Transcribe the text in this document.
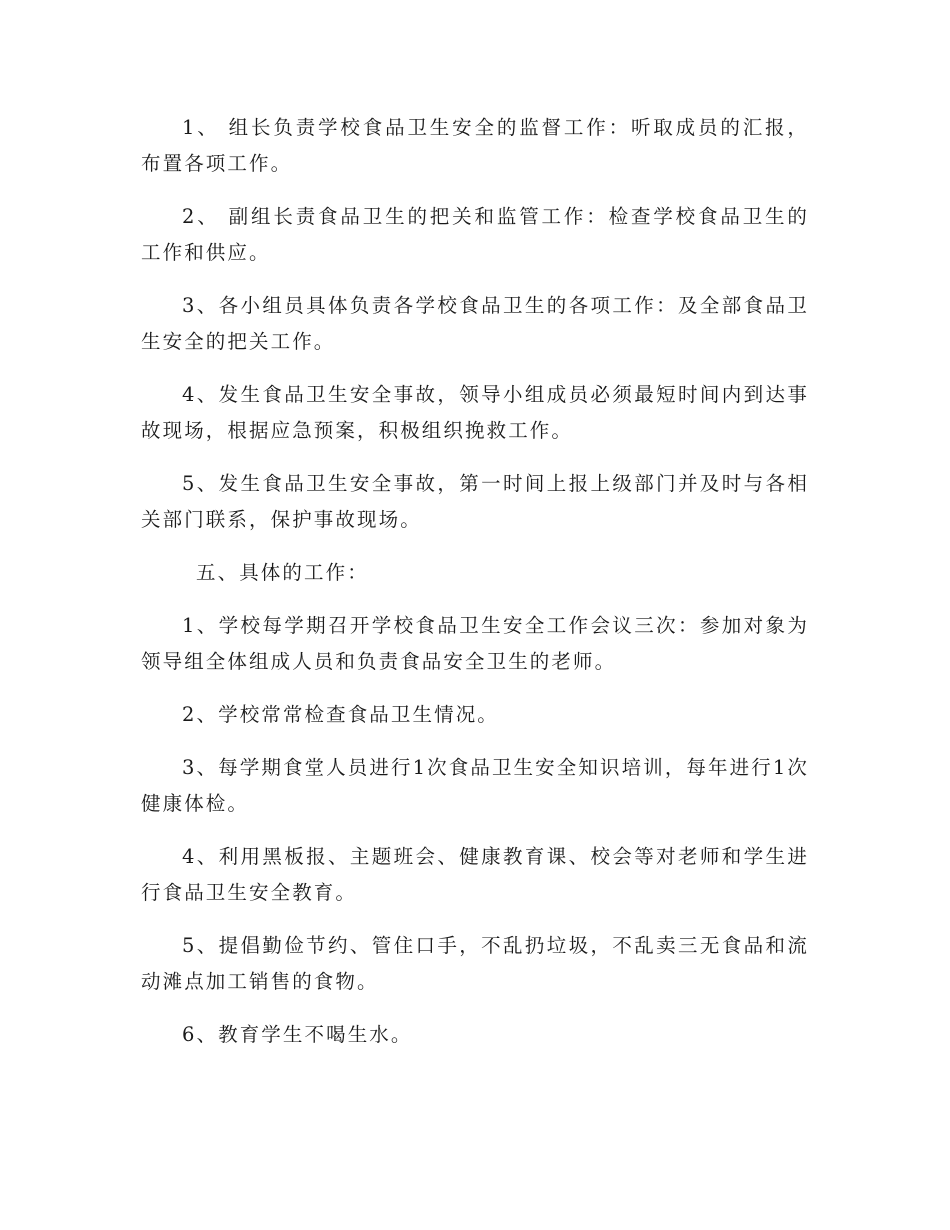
1、 组长负责学校食品卫生安全的监督工作：听取成员的汇报，布置各项工作。

2、 副组长责食品卫生的把关和监管工作：检查学校食品卫生的工作和供应。

3、各小组员具体负责各学校食品卫生的各项工作：及全部食品卫生安全的把关工作。

4、发生食品卫生安全事故，领导小组成员必须最短时间内到达事故现场，根据应急预案，积极组织挽救工作。

5、发生食品卫生安全事故，第一时间上报上级部门并及时与各相关部门联系，保护事故现场。

五、具体的工作：

1、学校每学期召开学校食品卫生安全工作会议三次：参加对象为领导组全体组成人员和负责食品安全卫生的老师。

2、学校常常检查食品卫生情况。

3、每学期食堂人员进行1次食品卫生安全知识培训，每年进行1次健康体检。

4、利用黑板报、主题班会、健康教育课、校会等对老师和学生进行食品卫生安全教育。

5、提倡勤俭节约、管住口手，不乱扔垃圾，不乱卖三无食品和流动滩点加工销售的食物。

6、教育学生不喝生水。
